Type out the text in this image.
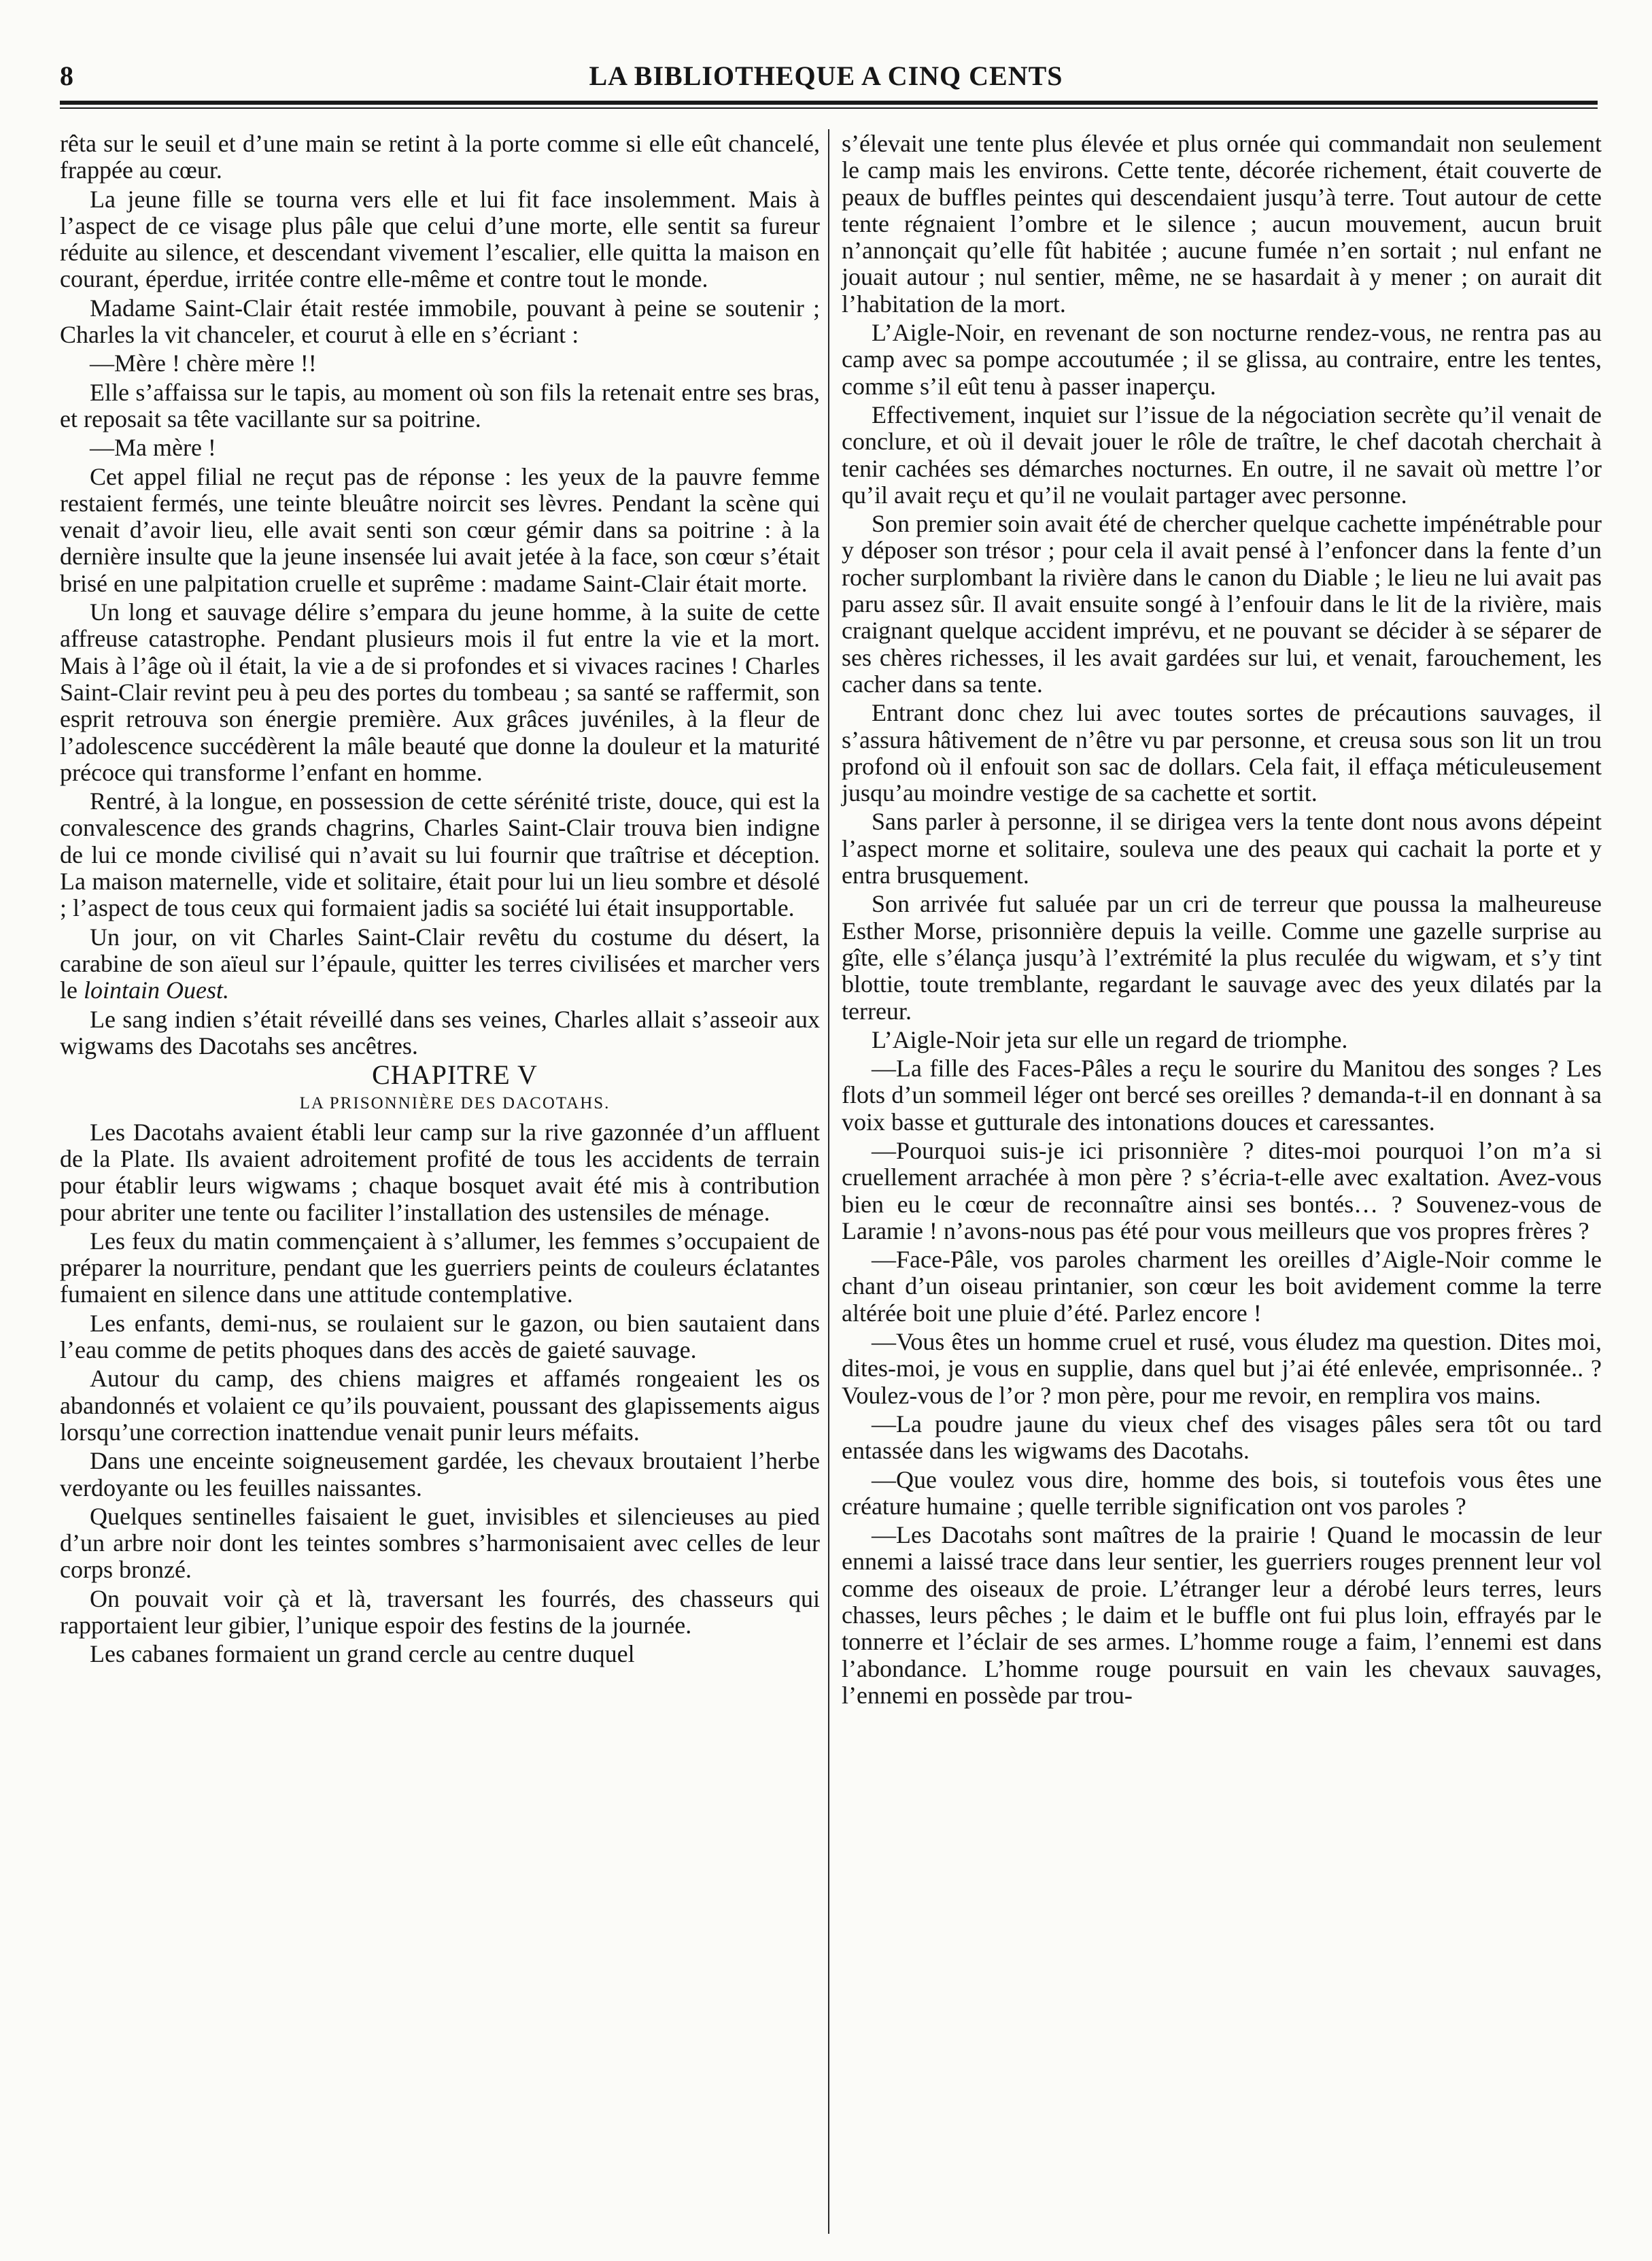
8	LA BIBLIOTHEQUE A CINQ CENTS

rêta sur le seuil et d’une main se retint à la porte comme si elle eût chancelé, frappée au cœur.

La jeune fille se tourna vers elle et lui fit face insolemment. Mais à l’aspect de ce visage plus pâle que celui d’une morte, elle sentit sa fureur réduite au silence, et descendant vivement l’escalier, elle quitta la maison en courant, éperdue, irritée contre elle-même et contre tout le monde.

Madame Saint-Clair était restée immobile, pouvant à peine se soutenir ; Charles la vit chanceler, et courut à elle en s’écriant :

—Mère ! chère mère !!

Elle s’affaissa sur le tapis, au moment où son fils la retenait entre ses bras, et reposait sa tête vacillante sur sa poitrine.

—Ma mère !

Cet appel filial ne reçut pas de réponse : les yeux de la pauvre femme restaient fermés, une teinte bleuâtre noircit ses lèvres. Pendant la scène qui venait d’avoir lieu, elle avait senti son cœur gémir dans sa poitrine : à la dernière insulte que la jeune insensée lui avait jetée à la face, son cœur s’était brisé en une palpitation cruelle et suprême : madame Saint-Clair était morte.

Un long et sauvage délire s’empara du jeune homme, à la suite de cette affreuse catastrophe. Pendant plusieurs mois il fut entre la vie et la mort. Mais à l’âge où il était, la vie a de si profondes et si vivaces racines ! Charles Saint-Clair revint peu à peu des portes du tombeau ; sa santé se raffermit, son esprit retrouva son énergie première. Aux grâces juvéniles, à la fleur de l’adolescence succédèrent la mâle beauté que donne la douleur et la maturité précoce qui transforme l’enfant en homme.

Rentré, à la longue, en possession de cette sérénité triste, douce, qui est la convalescence des grands chagrins, Charles Saint-Clair trouva bien indigne de lui ce monde civilisé qui n’avait su lui fournir que traîtrise et déception. La maison maternelle, vide et solitaire, était pour lui un lieu sombre et désolé ; l’aspect de tous ceux qui formaient jadis sa société lui était insupportable.

Un jour, on vit Charles Saint-Clair revêtu du costume du désert, la carabine de son aïeul sur l’épaule, quitter les terres civilisées et marcher vers le lointain Ouest.

Le sang indien s’était réveillé dans ses veines, Charles allait s’asseoir aux wigwams des Dacotahs ses ancêtres.

CHAPITRE V

LA PRISONNIÈRE DES DACOTAHS.

Les Dacotahs avaient établi leur camp sur la rive gazonnée d’un affluent de la Plate. Ils avaient adroitement profité de tous les accidents de terrain pour établir leurs wigwams ; chaque bosquet avait été mis à contribution pour abriter une tente ou faciliter l’installation des ustensiles de ménage.

Les feux du matin commençaient à s’allumer, les femmes s’occupaient de préparer la nourriture, pendant que les guerriers peints de couleurs éclatantes fumaient en silence dans une attitude contemplative.

Les enfants, demi-nus, se roulaient sur le gazon, ou bien sautaient dans l’eau comme de petits phoques dans des accès de gaieté sauvage.

Autour du camp, des chiens maigres et affamés rongeaient les os abandonnés et volaient ce qu’ils pouvaient, poussant des glapissements aigus lorsqu’une correction inattendue venait punir leurs méfaits.

Dans une enceinte soigneusement gardée, les chevaux broutaient l’herbe verdoyante ou les feuilles naissantes.

Quelques sentinelles faisaient le guet, invisibles et silencieuses au pied d’un arbre noir dont les teintes sombres s’harmonisaient avec celles de leur corps bronzé.

On pouvait voir çà et là, traversant les fourrés, des chasseurs qui rapportaient leur gibier, l’unique espoir des festins de la journée.

Les cabanes formaient un grand cercle au centre duquel

s’élevait une tente plus élevée et plus ornée qui commandait non seulement le camp mais les environs. Cette tente, décorée richement, était couverte de peaux de buffles peintes qui descendaient jusqu’à terre. Tout autour de cette tente régnaient l’ombre et le silence ; aucun mouvement, aucun bruit n’annonçait qu’elle fût habitée ; aucune fumée n’en sortait ; nul enfant ne jouait autour ; nul sentier, même, ne se hasardait à y mener ; on aurait dit l’habitation de la mort.

L’Aigle-Noir, en revenant de son nocturne rendez-vous, ne rentra pas au camp avec sa pompe accoutumée ; il se glissa, au contraire, entre les tentes, comme s’il eût tenu à passer inaperçu.

Effectivement, inquiet sur l’issue de la négociation secrète qu’il venait de conclure, et où il devait jouer le rôle de traître, le chef dacotah cherchait à tenir cachées ses démarches nocturnes. En outre, il ne savait où mettre l’or qu’il avait reçu et qu’il ne voulait partager avec personne.

Son premier soin avait été de chercher quelque cachette impénétrable pour y déposer son trésor ; pour cela il avait pensé à l’enfoncer dans la fente d’un rocher surplombant la rivière dans le canon du Diable ; le lieu ne lui avait pas paru assez sûr. Il avait ensuite songé à l’enfouir dans le lit de la rivière, mais craignant quelque accident imprévu, et ne pouvant se décider à se séparer de ses chères richesses, il les avait gardées sur lui, et venait, farouchement, les cacher dans sa tente.

Entrant donc chez lui avec toutes sortes de précautions sauvages, il s’assura hâtivement de n’être vu par personne, et creusa sous son lit un trou profond où il enfouit son sac de dollars. Cela fait, il effaça méticuleusement jusqu’au moindre vestige de sa cachette et sortit.

Sans parler à personne, il se dirigea vers la tente dont nous avons dépeint l’aspect morne et solitaire, souleva une des peaux qui cachait la porte et y entra brusquement.

Son arrivée fut saluée par un cri de terreur que poussa la malheureuse Esther Morse, prisonnière depuis la veille. Comme une gazelle surprise au gîte, elle s’élança jusqu’à l’extrémité la plus reculée du wigwam, et s’y tint blottie, toute tremblante, regardant le sauvage avec des yeux dilatés par la terreur.

L’Aigle-Noir jeta sur elle un regard de triomphe.

—La fille des Faces-Pâles a reçu le sourire du Manitou des songes ? Les flots d’un sommeil léger ont bercé ses oreilles ? demanda-t-il en donnant à sa voix basse et gutturale des intonations douces et caressantes.

—Pourquoi suis-je ici prisonnière ? dites-moi pourquoi l’on m’a si cruellement arrachée à mon père ? s’écria-t-elle avec exaltation. Avez-vous bien eu le cœur de reconnaître ainsi ses bontés… ? Souvenez-vous de Laramie ! n’avons-nous pas été pour vous meilleurs que vos propres frères ?

—Face-Pâle, vos paroles charment les oreilles d’Aigle-Noir comme le chant d’un oiseau printanier, son cœur les boit avidement comme la terre altérée boit une pluie d’été. Parlez encore !

—Vous êtes un homme cruel et rusé, vous éludez ma question. Dites moi, dites-moi, je vous en supplie, dans quel but j’ai été enlevée, emprisonnée.. ? Voulez-vous de l’or ? mon père, pour me revoir, en remplira vos mains.

—La poudre jaune du vieux chef des visages pâles sera tôt ou tard entassée dans les wigwams des Dacotahs.

—Que voulez vous dire, homme des bois, si toutefois vous êtes une créature humaine ; quelle terrible signification ont vos paroles ?

—Les Dacotahs sont maîtres de la prairie ! Quand le mocassin de leur ennemi a laissé trace dans leur sentier, les guerriers rouges prennent leur vol comme des oiseaux de proie. L’étranger leur a dérobé leurs terres, leurs chasses, leurs pêches ; le daim et le buffle ont fui plus loin, effrayés par le tonnerre et l’éclair de ses armes. L’homme rouge a faim, l’ennemi est dans l’abondance. L’homme rouge poursuit en vain les chevaux sauvages, l’ennemi en possède par trou-
